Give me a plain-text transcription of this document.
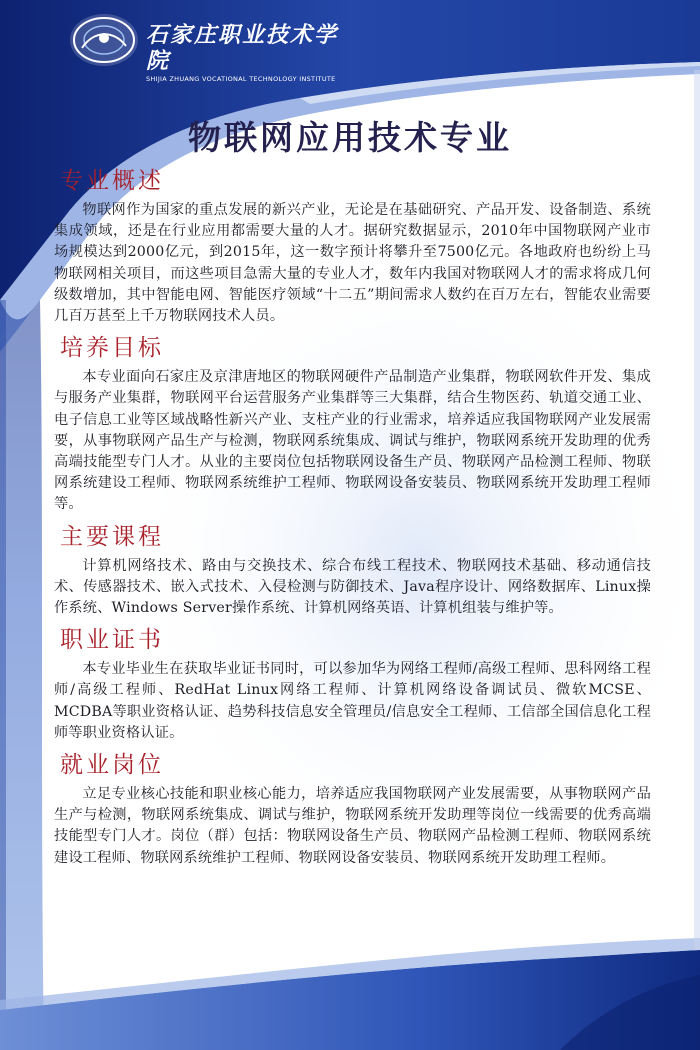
石家庄职业技术学院
SHIJIA ZHUANG VOCATIONAL TECHNOLOGY INSTITUTE
物联网应用技术专业
专业概述
物联网作为国家的重点发展的新兴产业，无论是在基础研究、产品开发、设备制造、系统集成领域，还是在行业应用都需要大量的人才。据研究数据显示，2010年中国物联网产业市场规模达到2000亿元，到2015年，这一数字预计将攀升至7500亿元。各地政府也纷纷上马物联网相关项目，而这些项目急需大量的专业人才，数年内我国对物联网人才的需求将成几何级数增加，其中智能电网、智能医疗领域“十二五”期间需求人数约在百万左右，智能农业需要几百万甚至上千万物联网技术人员。
培养目标
本专业面向石家庄及京津唐地区的物联网硬件产品制造产业集群，物联网软件开发、集成与服务产业集群，物联网平台运营服务产业集群等三大集群，结合生物医药、轨道交通工业、电子信息工业等区域战略性新兴产业、支柱产业的行业需求，培养适应我国物联网产业发展需要，从事物联网产品生产与检测，物联网系统集成、调试与维护，物联网系统开发助理的优秀高端技能型专门人才。从业的主要岗位包括物联网设备生产员、物联网产品检测工程师、物联网系统建设工程师、物联网系统维护工程师、物联网设备安装员、物联网系统开发助理工程师等。
主要课程
计算机网络技术、路由与交换技术、综合布线工程技术、物联网技术基础、移动通信技术、传感器技术、嵌入式技术、入侵检测与防御技术、Java程序设计、网络数据库、Linux操作系统、Windows Server操作系统、计算机网络英语、计算机组装与维护等。
职业证书
本专业毕业生在获取毕业证书同时，可以参加华为网络工程师/高级工程师、思科网络工程师/高级工程师、RedHat Linux网络工程师、计算机网络设备调试员、微软MCSE、MCDBA等职业资格认证、趋势科技信息安全管理员/信息安全工程师、工信部全国信息化工程师等职业资格认证。
就业岗位
立足专业核心技能和职业核心能力，培养适应我国物联网产业发展需要，从事物联网产品生产与检测，物联网系统集成、调试与维护，物联网系统开发助理等岗位一线需要的优秀高端技能型专门人才。岗位（群）包括：物联网设备生产员、物联网产品检测工程师、物联网系统建设工程师、物联网系统维护工程师、物联网设备安装员、物联网系统开发助理工程师。
